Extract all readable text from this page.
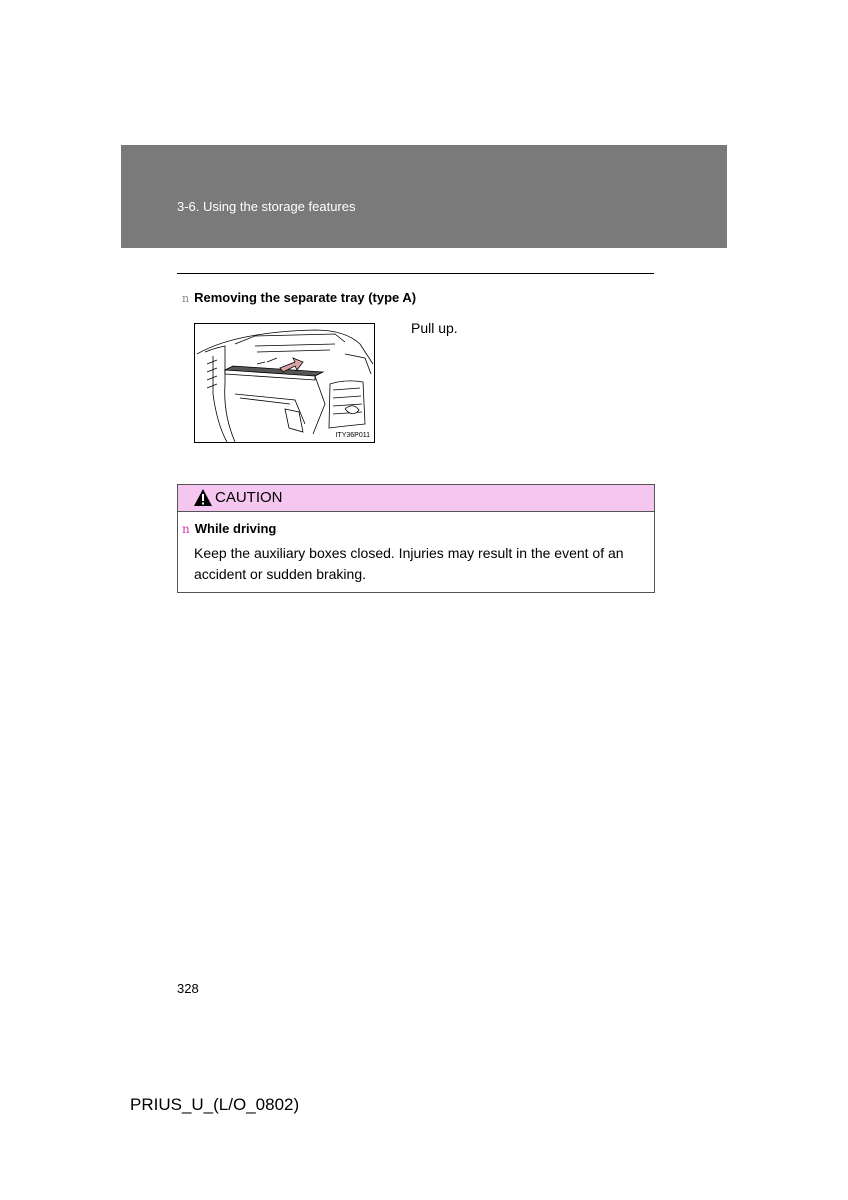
3-6. Using the storage features
n Removing the separate tray (type A)
ITY36P011
Pull up.
CAUTION
n While driving
Keep the auxiliary boxes closed. Injuries may result in the event of an accident or sudden braking.
328
PRIUS_U_(L/O_0802)
